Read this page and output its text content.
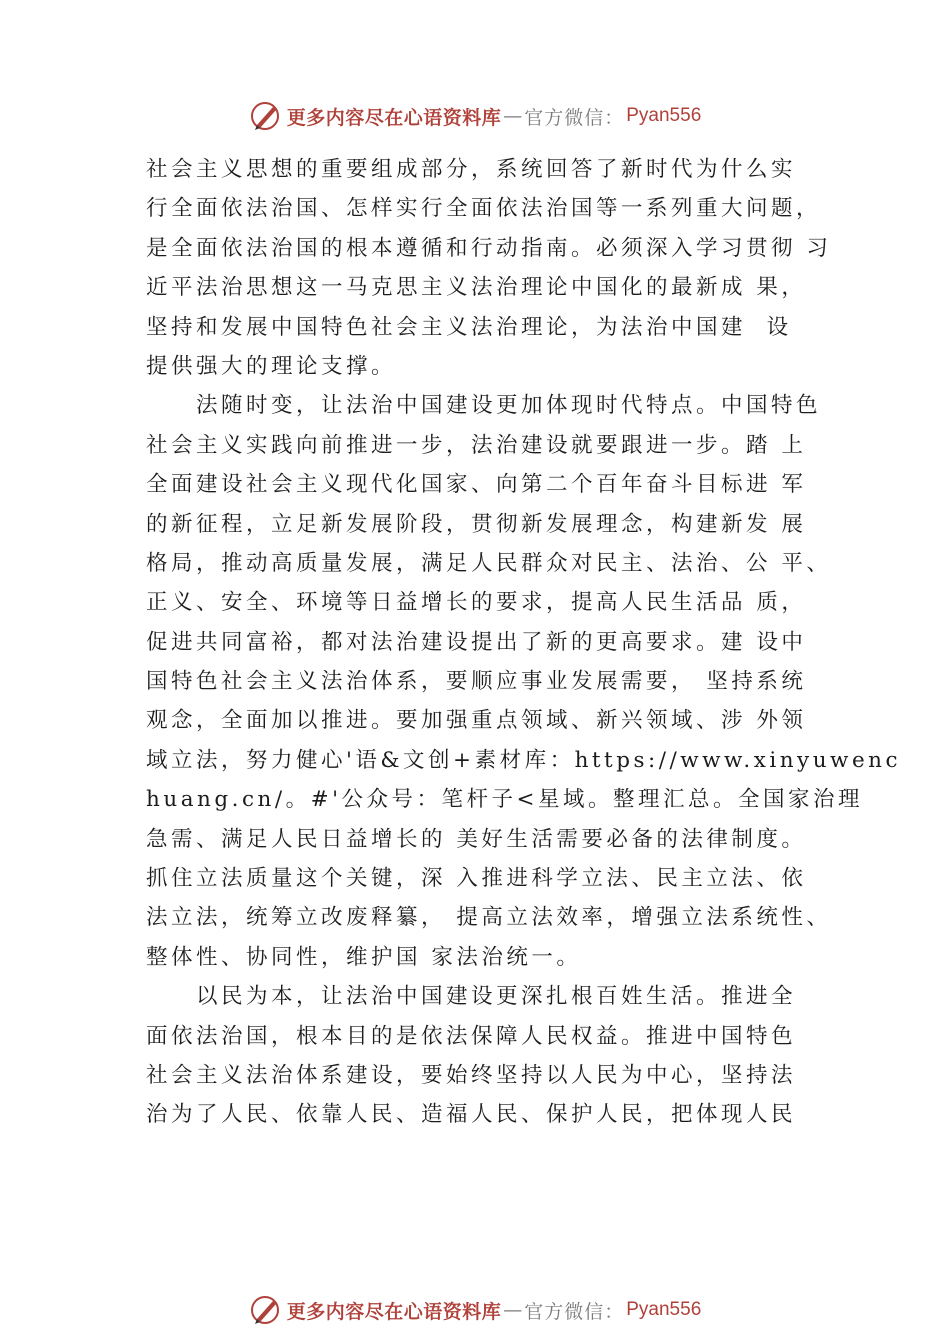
更多内容尽在心语资料库 — 官方微信： Pyan556
社会主义思想的重要组成部分，系统回答了新时代为什么实
行全面依法治国、怎样实行全面依法治国等一系列重大问题，
是全面依法治国的根本遵循和行动指南。必须深入学习贯彻 习
近平法治思想这一马克思主义法治理论中国化的最新成 果，
坚持和发展中国特色社会主义法治理论，为法治中国建  设
提供强大的理论支撑。
法随时变，让法治中国建设更加体现时代特点。中国特色
社会主义实践向前推进一步，法治建设就要跟进一步。踏 上
全面建设社会主义现代化国家、向第二个百年奋斗目标进 军
的新征程，立足新发展阶段，贯彻新发展理念，构建新发 展
格局，推动高质量发展，满足人民群众对民主、法治、公 平、
正义、安全、环境等日益增长的要求，提高人民生活品 质，
促进共同富裕，都对法治建设提出了新的更高要求。建 设中
国特色社会主义法治体系，要顺应事业发展需要， 坚持系统
观念，全面加以推进。要加强重点领域、新兴领域、涉 外领
域立法，努力健心'语&文创+素材库：https://www.xinyuwenc
huang.cn/。#'公众号：笔杆子<星域。整理汇总。全国家治理
急需、满足人民日益增长的 美好生活需要必备的法律制度。
抓住立法质量这个关键，深 入推进科学立法、民主立法、依
法立法，统筹立改废释纂， 提高立法效率，增强立法系统性、
整体性、协同性，维护国 家法治统一。
以民为本，让法治中国建设更深扎根百姓生活。推进全
面依法治国，根本目的是依法保障人民权益。推进中国特色
社会主义法治体系建设，要始终坚持以人民为中心，坚持法
治为了人民、依靠人民、造福人民、保护人民，把体现人民
更多内容尽在心语资料库 — 官方微信： Pyan556
